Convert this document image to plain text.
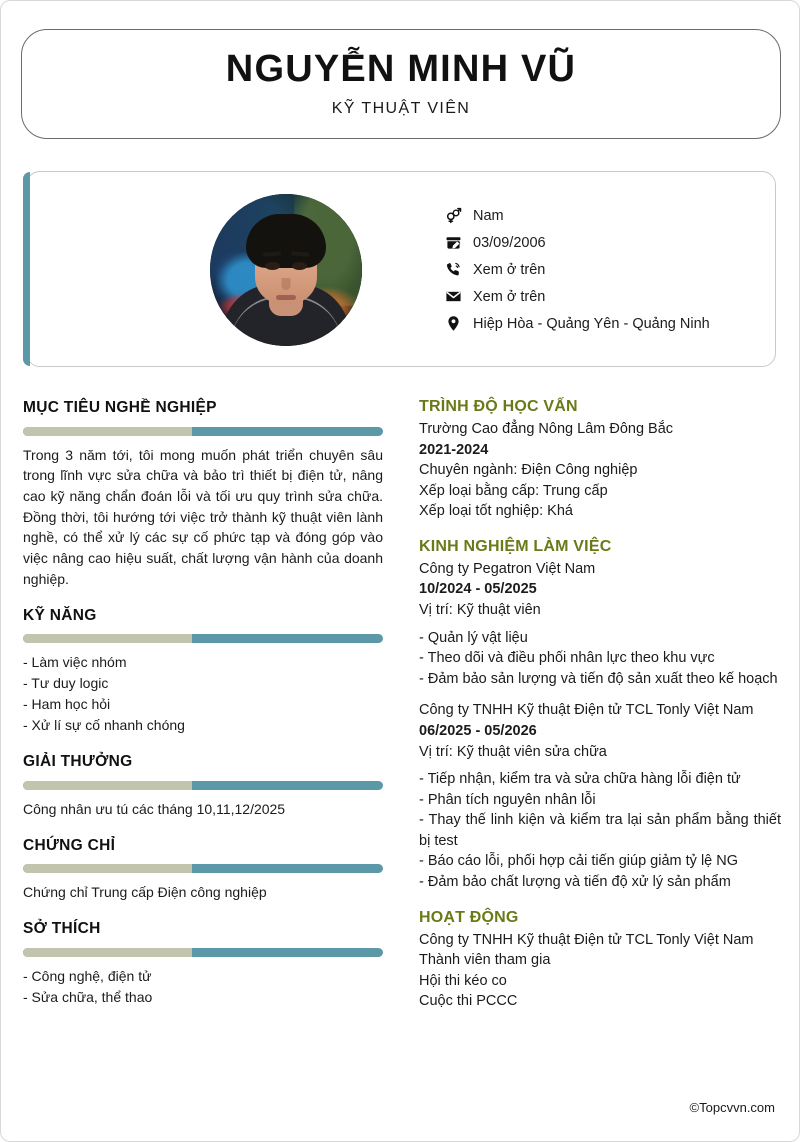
NGUYỄN MINH VŨ
KỸ THUẬT VIÊN
Nam
03/09/2006
Xem ở trên
Xem ở trên
Hiệp Hòa - Quảng Yên - Quảng Ninh
MỤC TIÊU NGHỀ NGHIỆP
Trong 3 năm tới, tôi mong muốn phát triển chuyên sâu trong lĩnh vực sửa chữa và bảo trì thiết bị điện tử, nâng cao kỹ năng chẩn đoán lỗi và tối ưu quy trình sửa chữa. Đồng thời, tôi hướng tới việc trở thành kỹ thuật viên lành nghề, có thể xử lý các sự cố phức tạp và đóng góp vào việc nâng cao hiệu suất, chất lượng vận hành của doanh nghiệp.
KỸ NĂNG
- Làm việc nhóm
- Tư duy logic
- Ham học hỏi
- Xử lí sự cố nhanh chóng
GIẢI THƯỞNG
Công nhân ưu tú các tháng 10,11,12/2025
CHỨNG CHỈ
Chứng chỉ Trung cấp Điện công nghiệp
SỞ THÍCH
- Công nghệ, điện tử
- Sửa chữa, thể thao
TRÌNH ĐỘ HỌC VẤN
Trường Cao đẳng Nông Lâm Đông Bắc
2021-2024
Chuyên ngành: Điện Công nghiệp
Xếp loại bằng cấp: Trung cấp
Xếp loại tốt nghiệp: Khá
KINH NGHIỆM LÀM VIỆC
Công ty Pegatron Việt Nam
10/2024 - 05/2025
Vị trí: Kỹ thuật viên
- Quản lý vật liệu
- Theo dõi và điều phối nhân lực theo khu vực
- Đảm bảo sản lượng và tiến độ sản xuất theo kế hoạch
Công ty TNHH Kỹ thuật Điện tử TCL Tonly Việt Nam
06/2025 - 05/2026
Vị trí: Kỹ thuật viên sửa chữa
- Tiếp nhận, kiểm tra và sửa chữa hàng lỗi điện tử
- Phân tích nguyên nhân lỗi
- Thay thế linh kiện và kiểm tra lại sản phẩm bằng thiết bị test
- Báo cáo lỗi, phối hợp cải tiến giúp giảm tỷ lệ NG
- Đảm bảo chất lượng và tiến độ xử lý sản phẩm
HOẠT ĐỘNG
Công ty TNHH Kỹ thuật Điện tử TCL Tonly Việt Nam
Thành viên tham gia
Hội thi kéo co
Cuộc thi PCCC
©Topcvvn.com
